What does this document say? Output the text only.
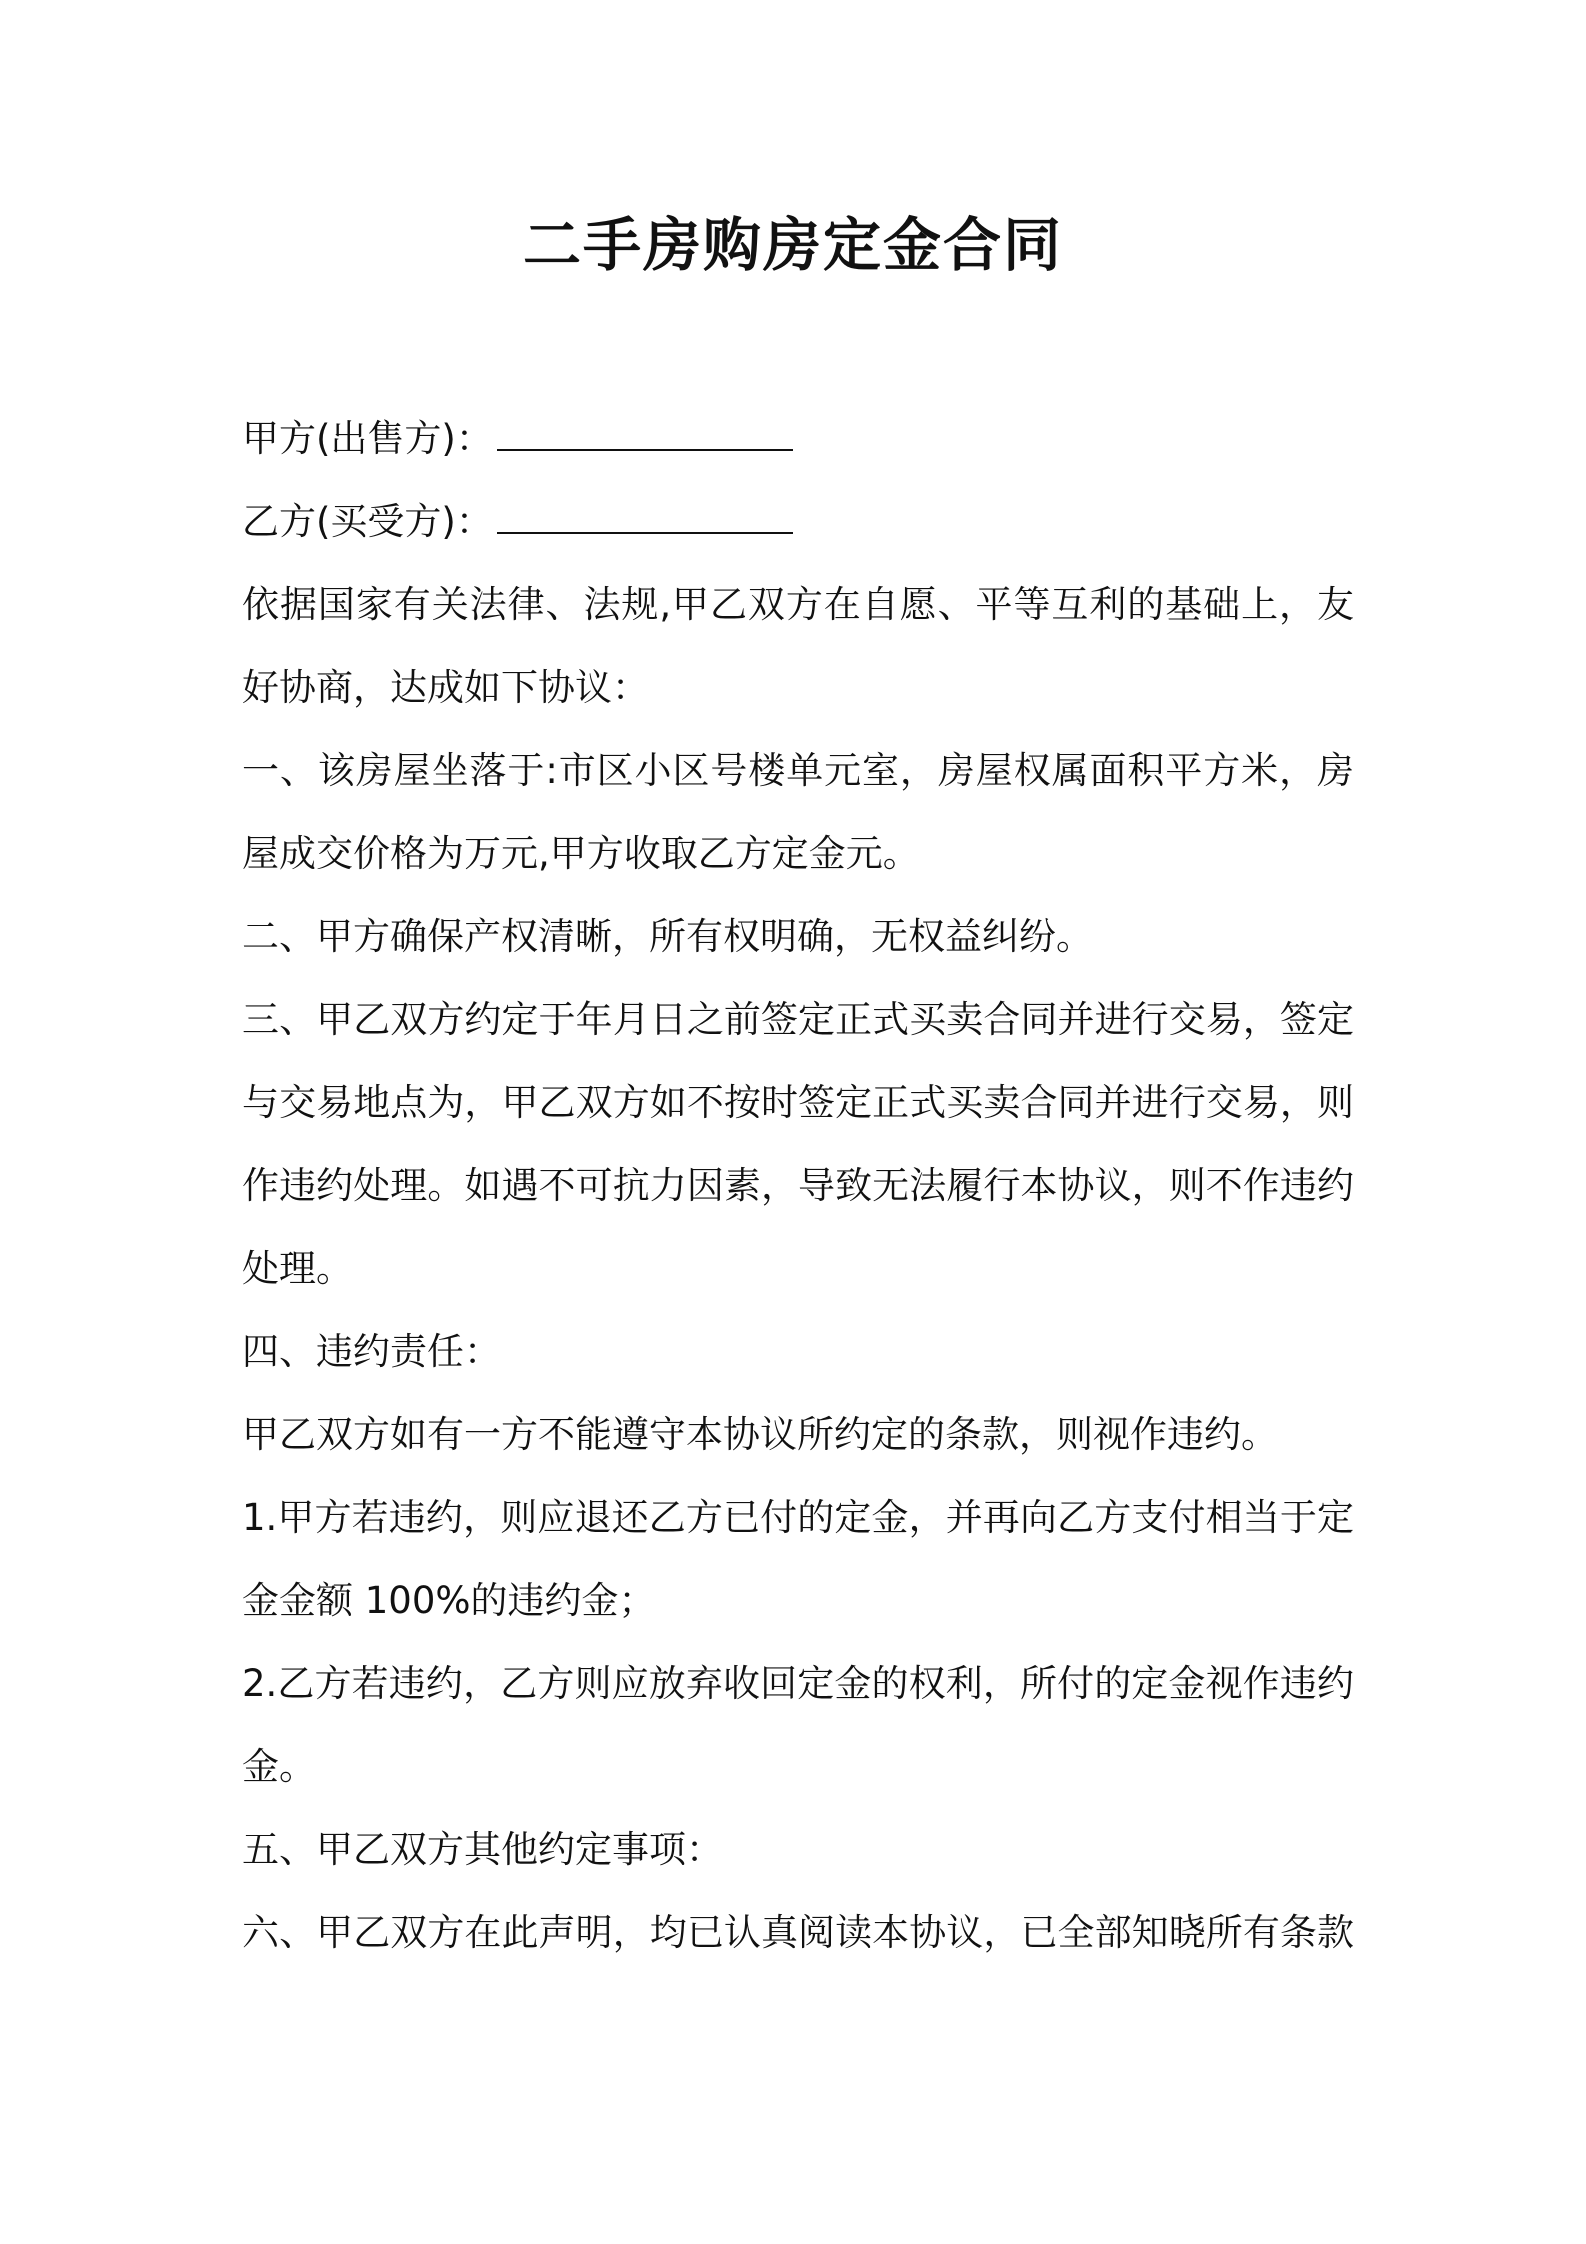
二手房购房定金合同
甲方(出售方)：
乙方(买受方)：
依据国家有关法律、法规,甲乙双方在自愿、平等互利的基础上，友
好协商，达成如下协议：
一、该房屋坐落于:市区小区号楼单元室，房屋权属面积平方米，房
屋成交价格为万元,甲方收取乙方定金元。
二、甲方确保产权清晰，所有权明确，无权益纠纷。
三、甲乙双方约定于年月日之前签定正式买卖合同并进行交易，签定
与交易地点为，甲乙双方如不按时签定正式买卖合同并进行交易，则
作违约处理。如遇不可抗力因素，导致无法履行本协议，则不作违约
处理。
四、违约责任：
甲乙双方如有一方不能遵守本协议所约定的条款，则视作违约。
1.甲方若违约，则应退还乙方已付的定金，并再向乙方支付相当于定
金金额 100%的违约金；
2.乙方若违约，乙方则应放弃收回定金的权利，所付的定金视作违约
金。
五、甲乙双方其他约定事项：
六、甲乙双方在此声明，均已认真阅读本协议，已全部知晓所有条款
